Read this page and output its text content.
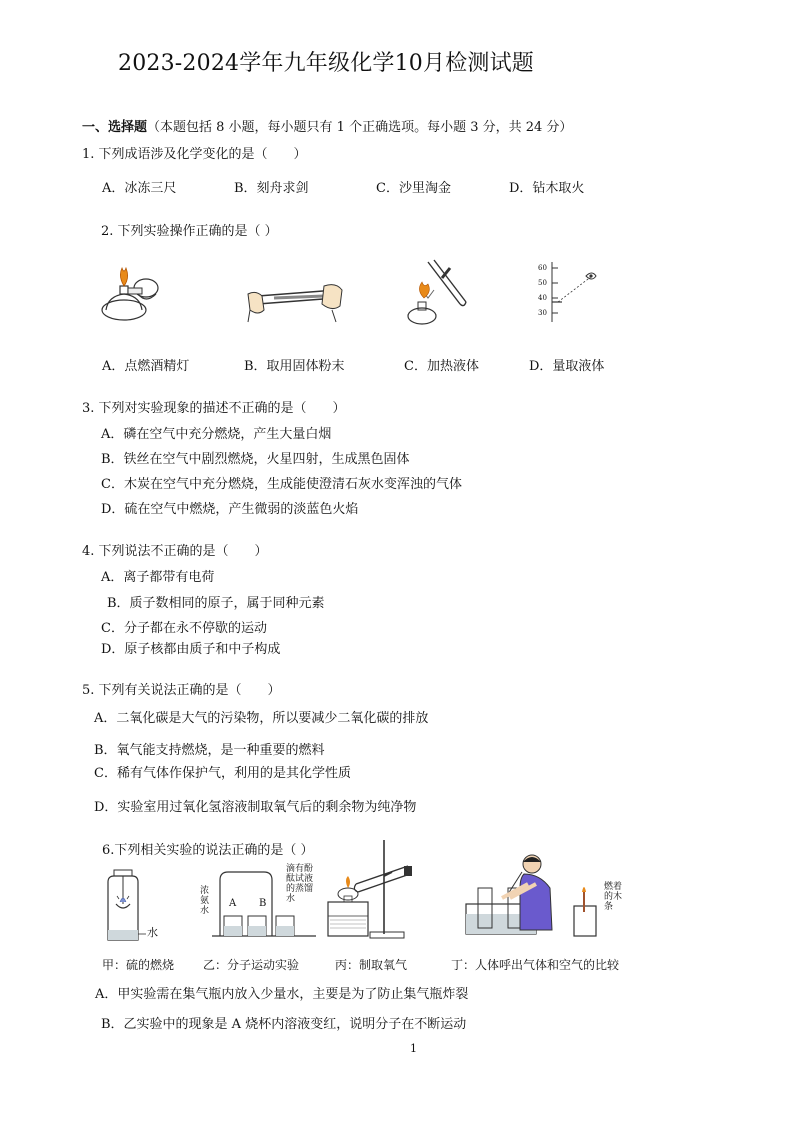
2023-2024学年九年级化学10月检测试题
一、选择题（本题包括 8 小题，每小题只有 1 个正确选项。每小题 3 分，共 24 分）
1. 下列成语涉及化学变化的是（　　）
A．冰冻三尺	B．刻舟求剑	C．沙里淘金	D．钻木取火
2. 下列实验操作正确的是（ ）
60
50
40
30
A．点燃酒精灯	B．取用固体粉末	C．加热液体	D．量取液体
3. 下列对实验现象的描述不正确的是（　　）
A．磷在空气中充分燃烧，产生大量白烟
B．铁丝在空气中剧烈燃烧，火星四射，生成黑色固体
C．木炭在空气中充分燃烧，生成能使澄清石灰水变浑浊的气体
D．硫在空气中燃烧，产生微弱的淡蓝色火焰
4. 下列说法不正确的是（　　）
A．离子都带有电荷
B．质子数相同的原子，属于同种元素
C．分子都在永不停歇的运动
D．原子核都由质子和中子构成
5. 下列有关说法正确的是（　　）
A．二氧化碳是大气的污染物，所以要减少二氧化碳的排放
B．氧气能支持燃烧，是一种重要的燃料
C．稀有气体作保护气，利用的是其化学性质
D．实验室用过氧化氢溶液制取氧气后的剩余物为纯净物
6.下列相关实验的说法正确的是（ ）
水
A B
浓氨水
滴有酚酞试液的蒸馏水
燃着的木条
甲：硫的燃烧 乙：分子运动实验	丙：制取氧气	丁：人体呼出气体和空气的比较
A．甲实验需在集气瓶内放入少量水，主要是为了防止集气瓶炸裂
B．乙实验中的现象是 A 烧杯内溶液变红，说明分子在不断运动
1
